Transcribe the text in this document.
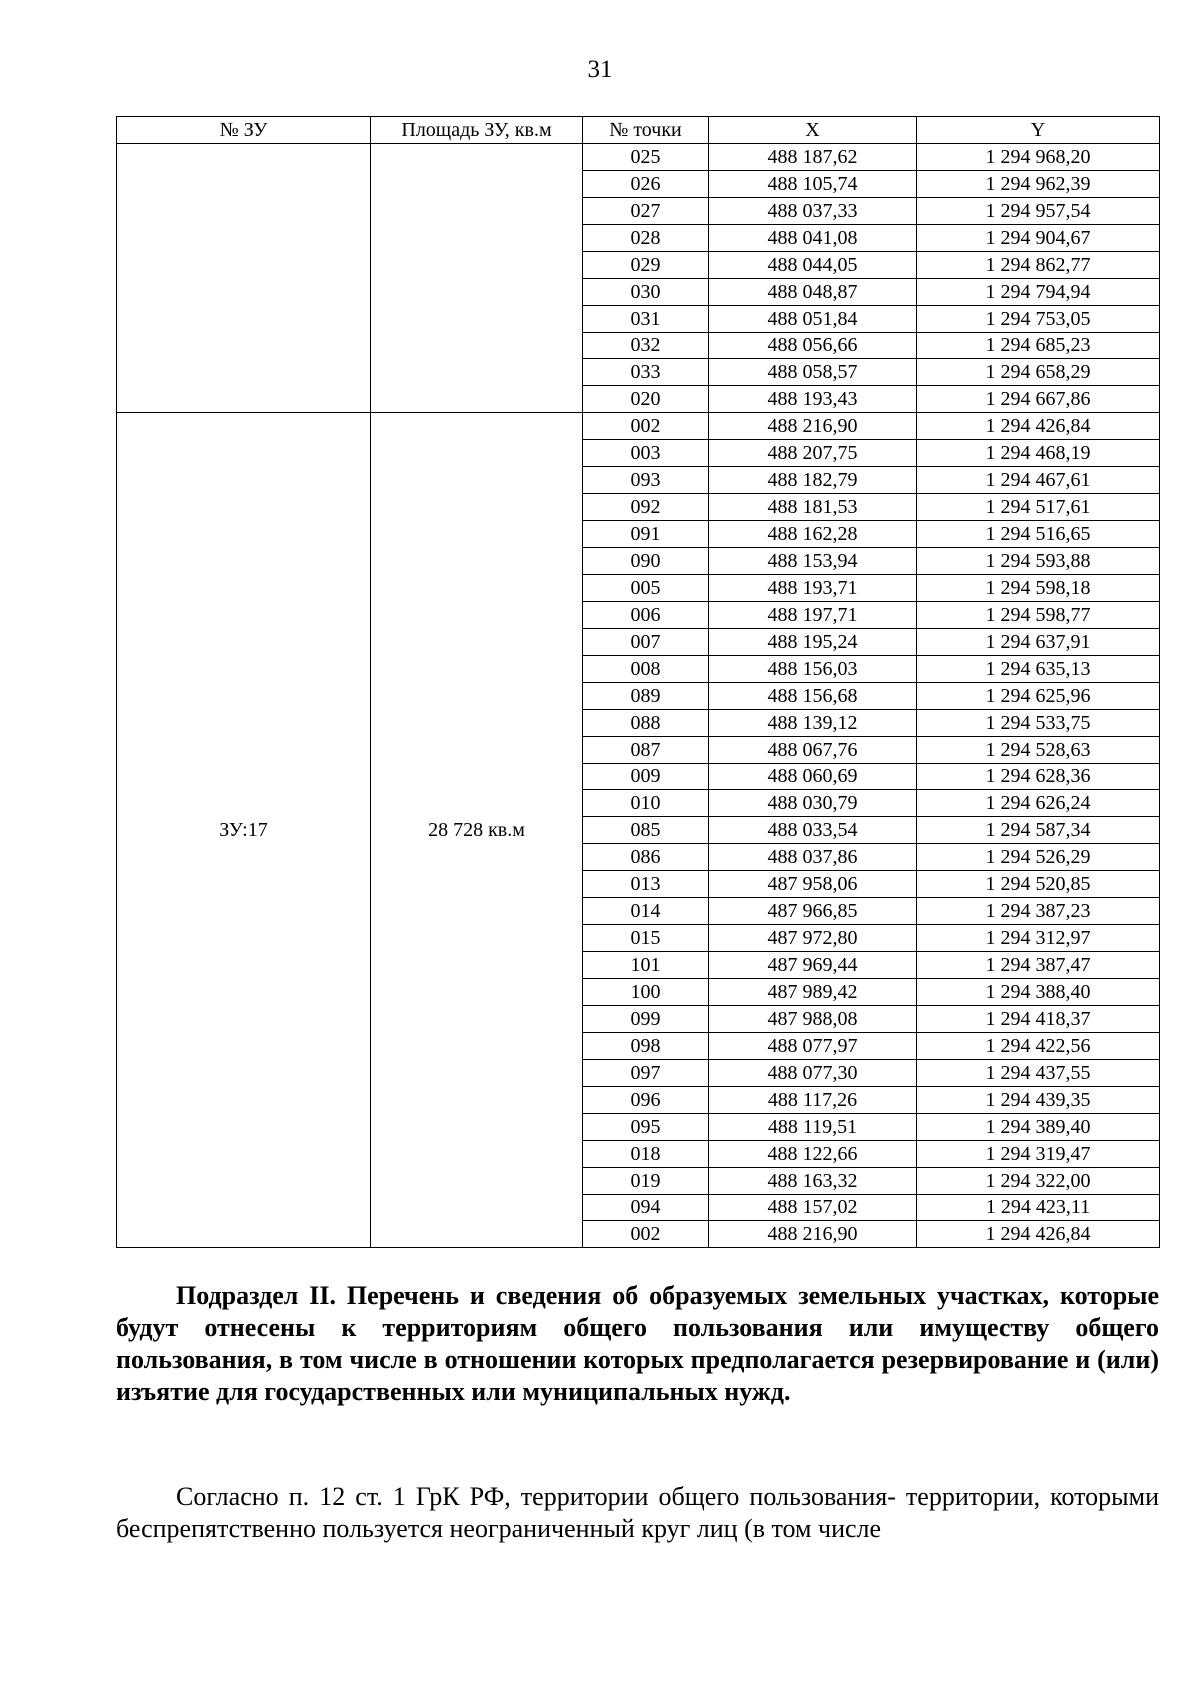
31
№ ЗУ	Площадь ЗУ, кв.м	№ точки	X	Y
		025	488 187,62	1 294 968,20
		026	488 105,74	1 294 962,39
		027	488 037,33	1 294 957,54
		028	488 041,08	1 294 904,67
		029	488 044,05	1 294 862,77
		030	488 048,87	1 294 794,94
		031	488 051,84	1 294 753,05
		032	488 056,66	1 294 685,23
		033	488 058,57	1 294 658,29
		020	488 193,43	1 294 667,86
ЗУ:17	28 728 кв.м	002	488 216,90	1 294 426,84
		003	488 207,75	1 294 468,19
		093	488 182,79	1 294 467,61
		092	488 181,53	1 294 517,61
		091	488 162,28	1 294 516,65
		090	488 153,94	1 294 593,88
		005	488 193,71	1 294 598,18
		006	488 197,71	1 294 598,77
		007	488 195,24	1 294 637,91
		008	488 156,03	1 294 635,13
		089	488 156,68	1 294 625,96
		088	488 139,12	1 294 533,75
		087	488 067,76	1 294 528,63
		009	488 060,69	1 294 628,36
		010	488 030,79	1 294 626,24
		085	488 033,54	1 294 587,34
		086	488 037,86	1 294 526,29
		013	487 958,06	1 294 520,85
		014	487 966,85	1 294 387,23
		015	487 972,80	1 294 312,97
		101	487 969,44	1 294 387,47
		100	487 989,42	1 294 388,40
		099	487 988,08	1 294 418,37
		098	488 077,97	1 294 422,56
		097	488 077,30	1 294 437,55
		096	488 117,26	1 294 439,35
		095	488 119,51	1 294 389,40
		018	488 122,66	1 294 319,47
		019	488 163,32	1 294 322,00
		094	488 157,02	1 294 423,11
		002	488 216,90	1 294 426,84
Подраздел II. Перечень и сведения об образуемых земельных участках, которые будут отнесены к территориям общего пользования или имуществу общего пользования, в том числе в отношении которых предполагается резервирование и (или) изъятие для государственных или муниципальных нужд.
Согласно п. 12 ст. 1 ГрК РФ, территории общего пользования- территории, которыми беспрепятственно пользуется неограниченный круг лиц (в том числе
